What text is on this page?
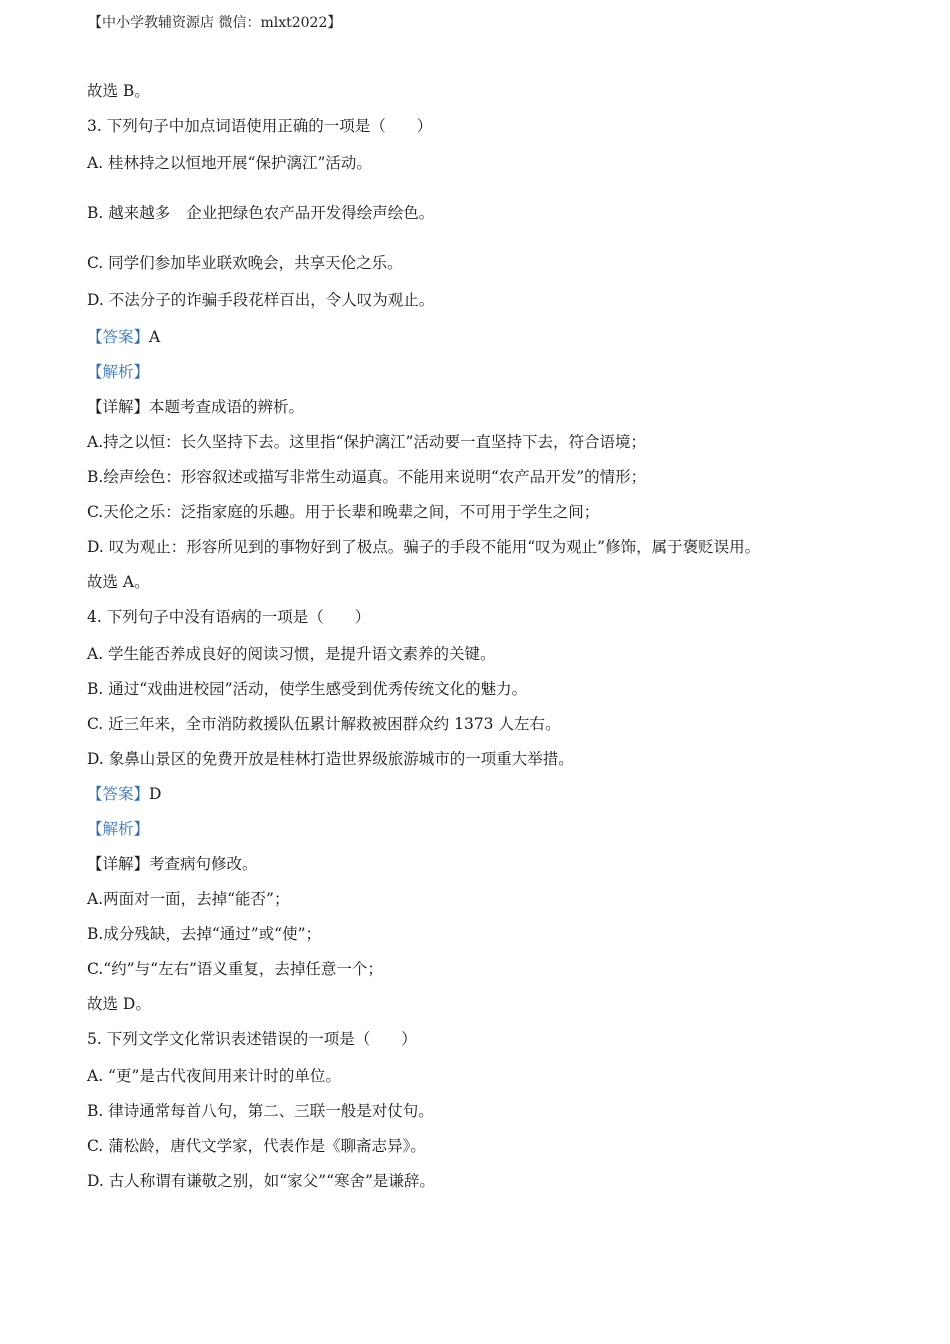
【中小学教辅资源店 微信：mlxt2022】
故选 B。
3. 下列句子中加点词语使用正确的一项是（　　）
A. 桂林持之以恒地开展“保护漓江”活动。
B. 越来越多 企业把绿色农产品开发得绘声绘色。
C. 同学们参加毕业联欢晚会，共享天伦之乐。
D. 不法分子的诈骗手段花样百出，令人叹为观止。
【答案】A
【解析】
【详解】本题考查成语的辨析。
A.持之以恒：长久坚持下去。这里指“保护漓江”活动要一直坚持下去，符合语境；
B.绘声绘色：形容叙述或描写非常生动逼真。不能用来说明“农产品开发”的情形；
C.天伦之乐：泛指家庭的乐趣。用于长辈和晚辈之间，不可用于学生之间；
D. 叹为观止：形容所见到的事物好到了极点。骗子的手段不能用“叹为观止”修饰，属于褒贬误用。
故选 A。
4. 下列句子中没有语病的一项是（　　）
A. 学生能否养成良好的阅读习惯，是提升语文素养的关键。
B. 通过“戏曲进校园”活动，使学生感受到优秀传统文化的魅力。
C. 近三年来，全市消防救援队伍累计解救被困群众约 1373 人左右。
D. 象鼻山景区的免费开放是桂林打造世界级旅游城市的一项重大举措。
【答案】D
【解析】
【详解】考查病句修改。
A.两面对一面，去掉“能否”；
B.成分残缺，去掉“通过”或“使”；
C.“约”与“左右”语义重复，去掉任意一个；
故选 D。
5. 下列文学文化常识表述错误的一项是（　　）
A. “更”是古代夜间用来计时的单位。
B. 律诗通常每首八句，第二、三联一般是对仗句。
C. 蒲松龄，唐代文学家，代表作是《聊斋志异》。
D. 古人称谓有谦敬之别，如“家父”“寒舍”是谦辞。
